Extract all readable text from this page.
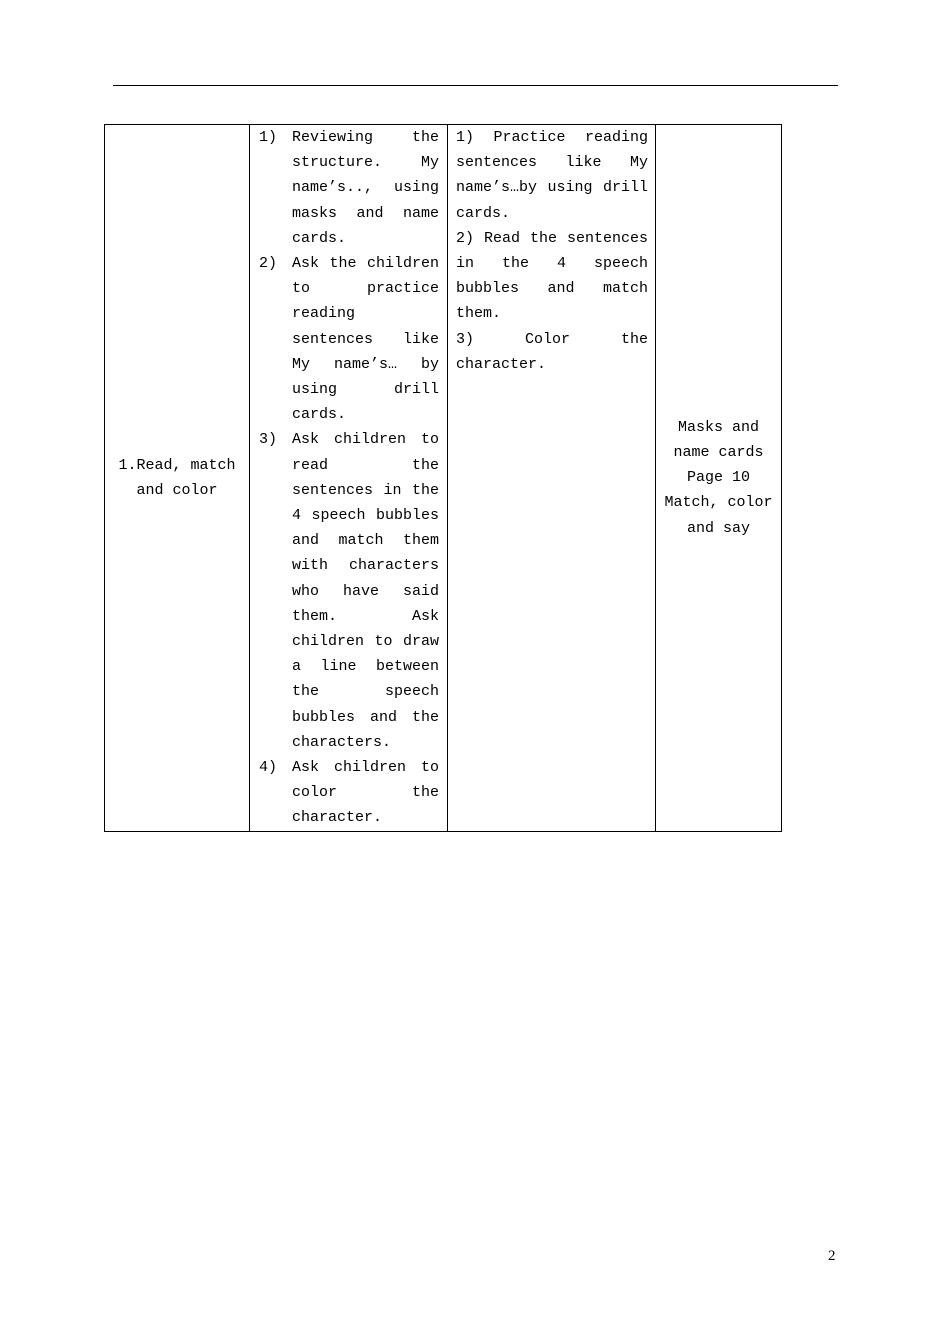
1.Read, match and color

1) Reviewing the structure. My name’s.., using masks and name cards.
2) Ask the children to practice reading sentences like My name’s… by using drill cards.
3) Ask children to read the sentences in the 4 speech bubbles and match them with characters who have said them. Ask children to draw a line between the speech bubbles and the characters.
4) Ask children to color the character.

1) Practice reading sentences like My name’s…by using drill cards.
2) Read the sentences in the 4 speech bubbles and match them.
3) Color the character.

Masks and name cards Page 10 Match, color and say
2
